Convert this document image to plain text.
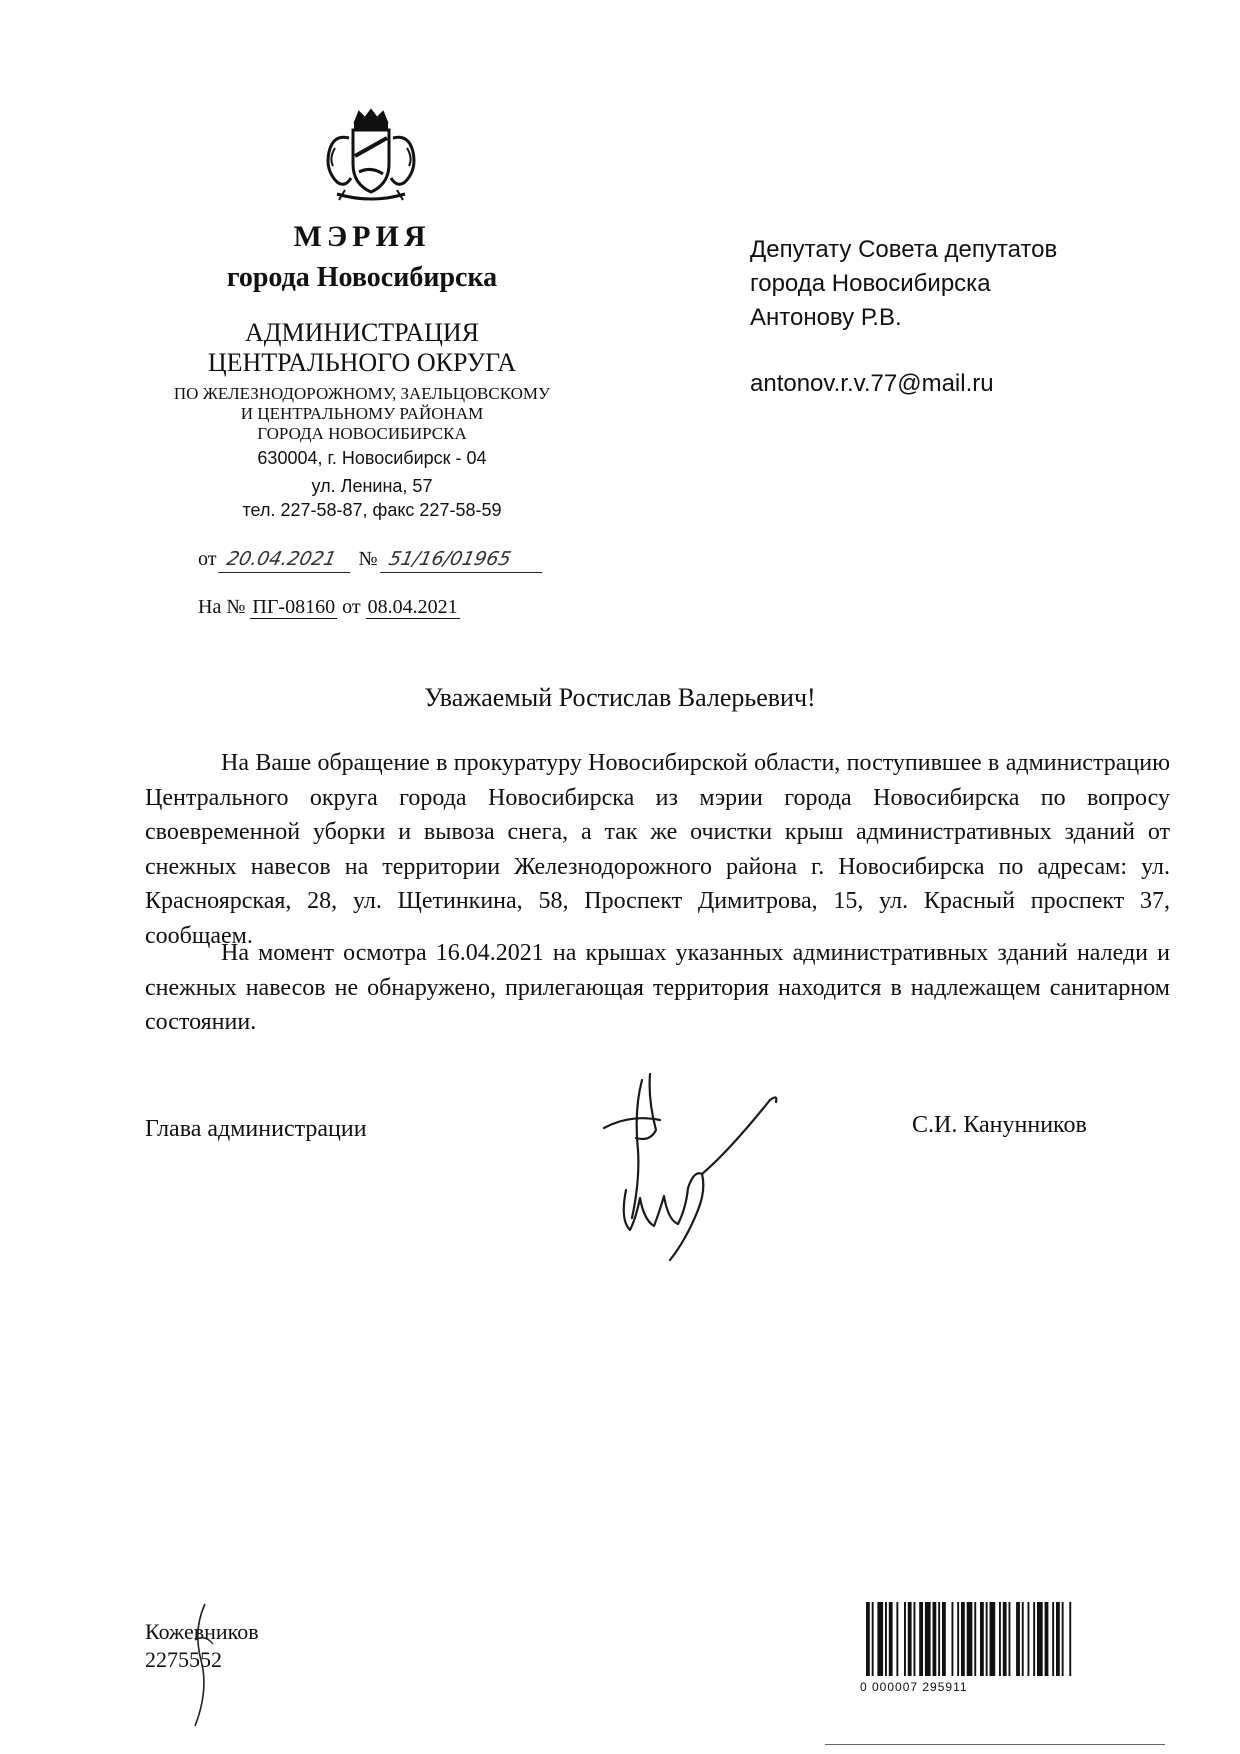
МЭРИЯ
города Новосибирска
АДМИНИСТРАЦИЯ
ЦЕНТРАЛЬНОГО ОКРУГА
ПО ЖЕЛЕЗНОДОРОЖНОМУ, ЗАЕЛЬЦОВСКОМУ
И ЦЕНТРАЛЬНОМУ РАЙОНАМ
ГОРОДА НОВОСИБИРСКА
630004, г. Новосибирск - 04
ул. Ленина, 57
тел. 227-58-87, факс 227-58-59
от 20.04.2021 № 51/16/01965
На № ПГ-08160 от 08.04.2021
Депутату Совета депутатов
города Новосибирска
Антонову Р.В.
antonov.r.v.77@mail.ru
Уважаемый Ростислав Валерьевич!
На Ваше обращение в прокуратуру Новосибирской области, поступившее в администрацию Центрального округа города Новосибирска из мэрии города Новосибирска по вопросу своевременной уборки и вывоза снега, а так же очистки крыш административных зданий от снежных навесов на территории Железнодорожного района г. Новосибирска по адресам: ул. Красноярская, 28, ул. Щетинкина, 58, Проспект Димитрова, 15, ул. Красный проспект 37, сообщаем.
На момент осмотра 16.04.2021 на крышах указанных административных зданий наледи и снежных навесов не обнаружено, прилегающая территория находится в надлежащем санитарном состоянии.
Глава администрации	С.И. Канунников
Кожевников
2275552
0 000007 295911
